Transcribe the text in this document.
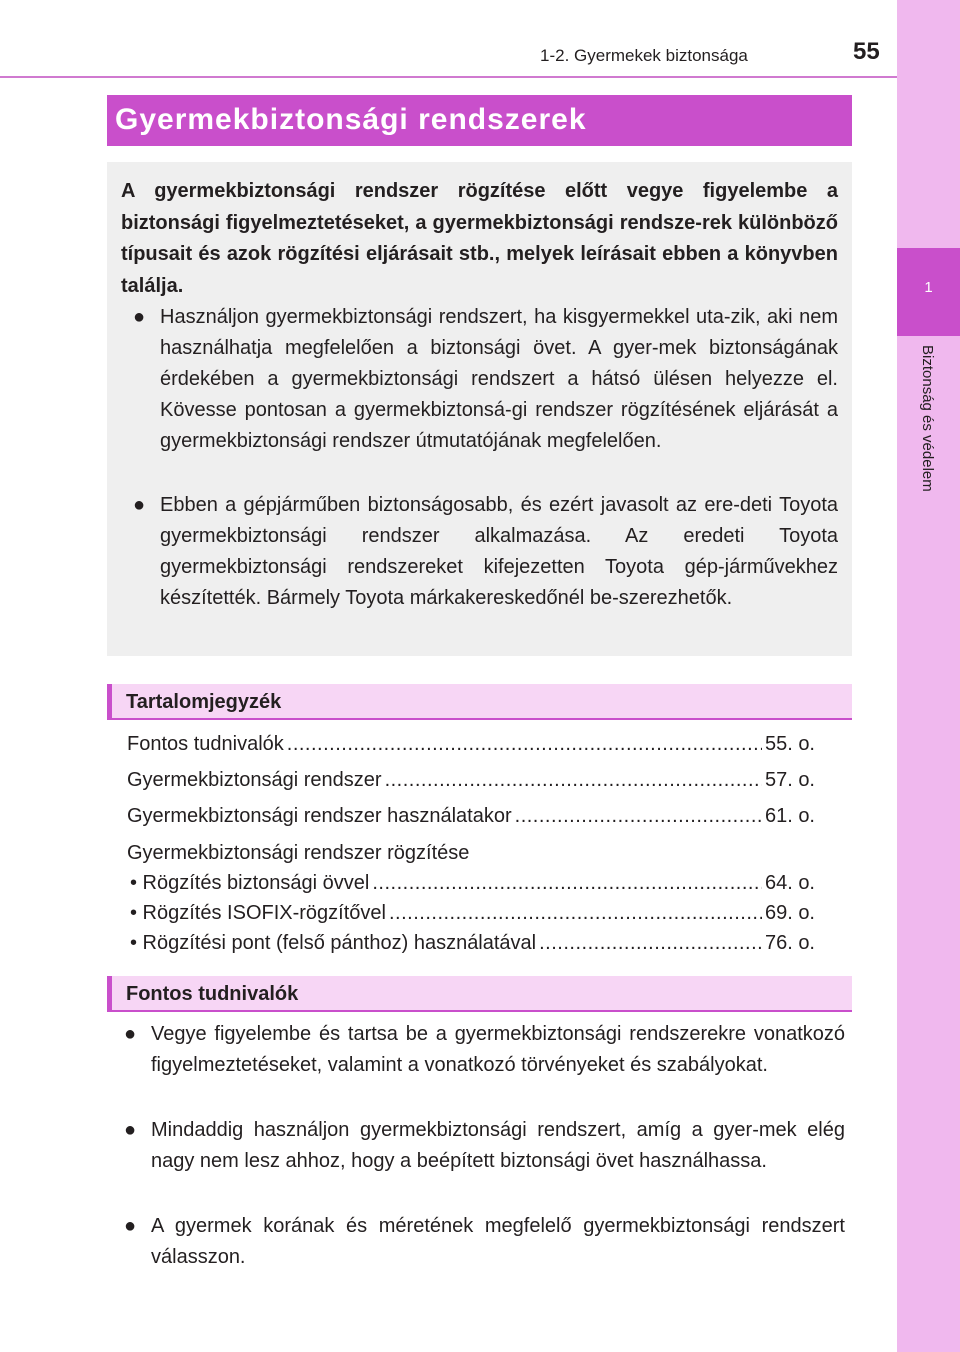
1
Biztonság és védelem
1-2. Gyermekek biztonsága	55
Gyermekbiztonsági rendszerek

A gyermekbiztonsági rendszer rögzítése előtt vegye figyelembe a biztonsági figyelmeztetéseket, a gyermekbiztonsági rendsze-rek különböző típusait és azok rögzítési eljárásait stb., melyek leírásait ebben a könyvben találja.

● Használjon gyermekbiztonsági rendszert, ha kisgyermekkel uta-zik, aki nem használhatja megfelelően a biztonsági övet. A gyer-mek biztonságának érdekében a gyermekbiztonsági rendszert a hátsó ülésen helyezze el. Kövesse pontosan a gyermekbiztonsá-gi rendszer rögzítésének eljárását a gyermekbiztonsági rendszer útmutatójának megfelelően.

● Ebben a gépjárműben biztonságosabb, és ezért javasolt az ere-deti Toyota gyermekbiztonsági rendszer alkalmazása. Az eredeti Toyota gyermekbiztonsági rendszereket kifejezetten Toyota gép-járművekhez készítették. Bármely Toyota márkakereskedőnél be-szerezhetők.

Tartalomjegyzék
Fontos tudnivalók .....	55. o.
Gyermekbiztonsági rendszer .....	57. o.
Gyermekbiztonsági rendszer használatakor .....	61. o.
Gyermekbiztonsági rendszer rögzítése
• Rögzítés biztonsági övvel .....	64. o.
• Rögzítés ISOFIX-rögzítővel .....	69. o.
• Rögzítési pont (felső pánthoz) használatával .....	76. o.
Fontos tudnivalók

● Vegye figyelembe és tartsa be a gyermekbiztonsági rendszerekre vonatkozó figyelmeztetéseket, valamint a vonatkozó törvényeket és szabályokat.

● Mindaddig használjon gyermekbiztonsági rendszert, amíg a gyer-mek elég nagy nem lesz ahhoz, hogy a beépített biztonsági övet használhassa.

● A gyermek korának és méretének megfelelő gyermekbiztonsági rendszert válasszon.
